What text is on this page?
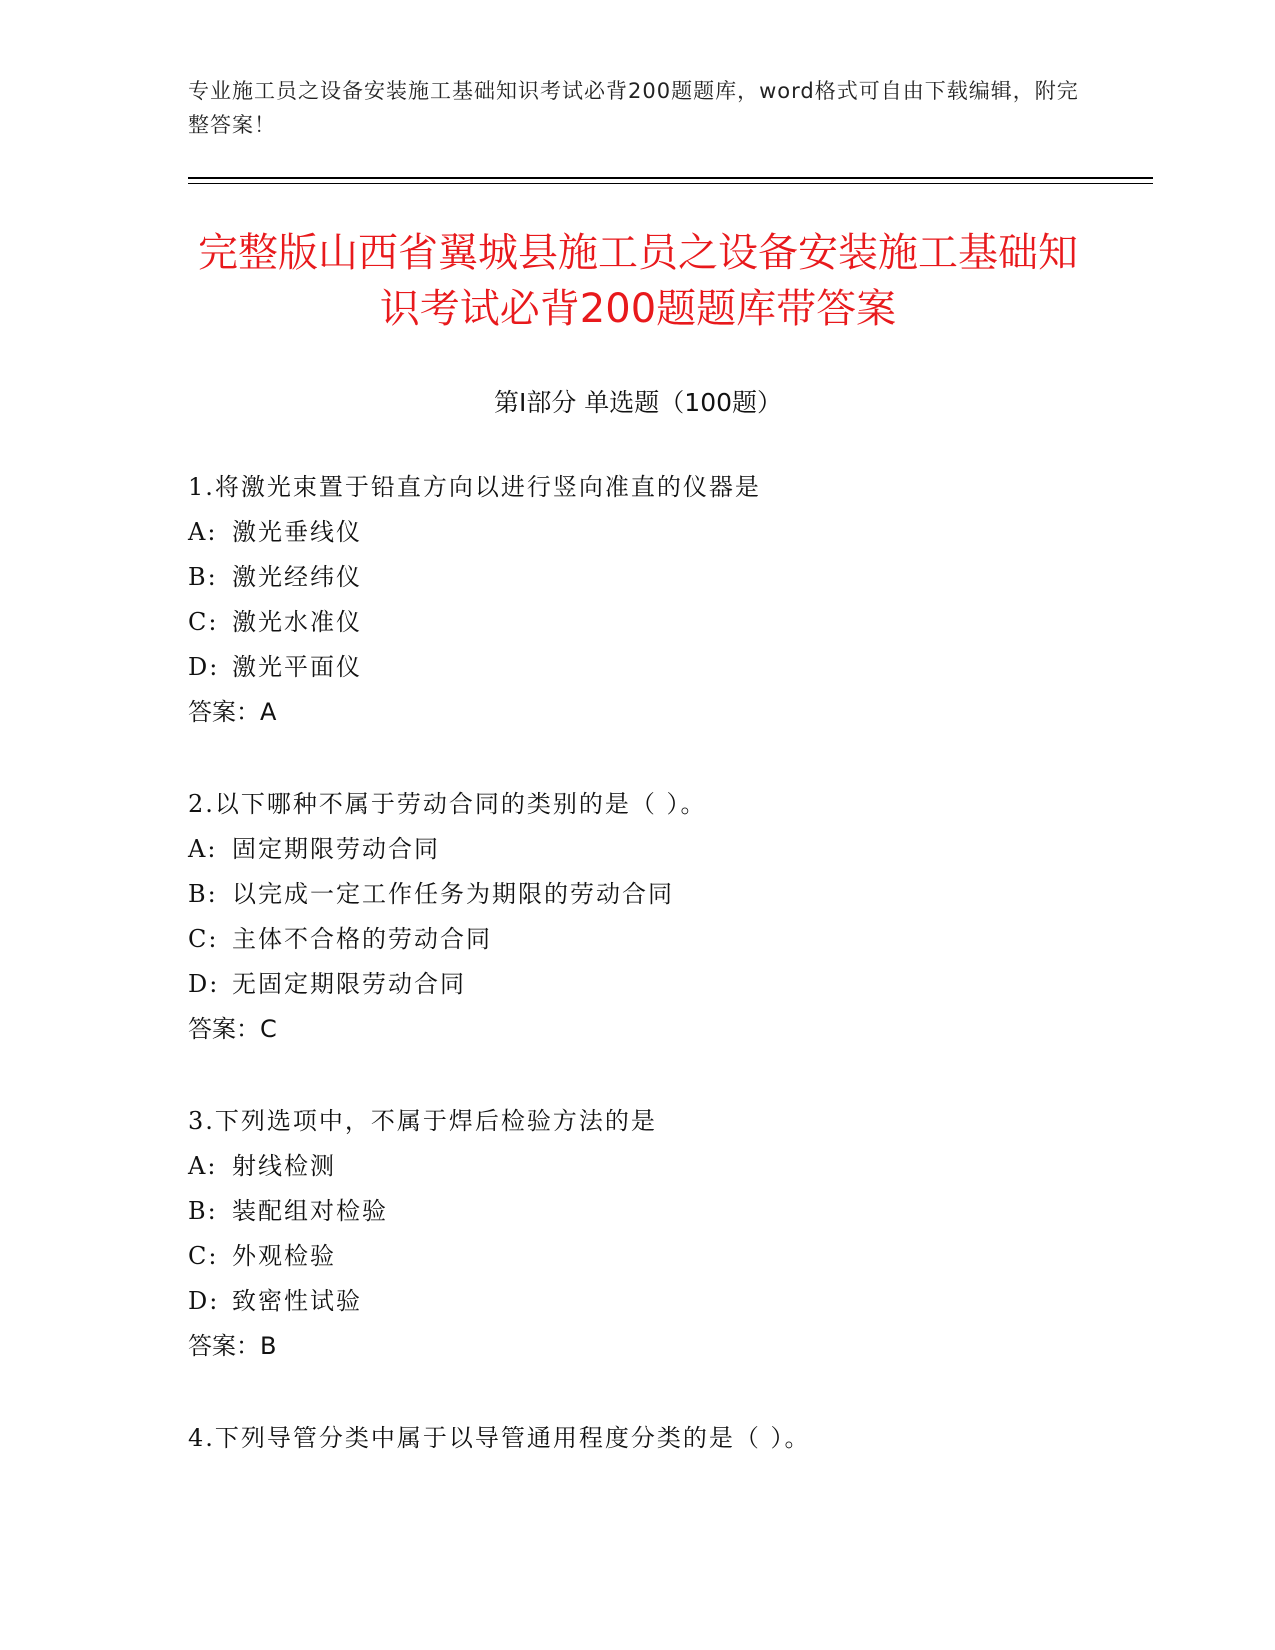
专业施工员之设备安装施工基础知识考试必背200题题库，word格式可自由下载编辑，附完整答案！
完整版山西省翼城县施工员之设备安装施工基础知识考试必背200题题库带答案
第Ⅰ部分 单选题（100题）
1.将激光束置于铅直方向以进行竖向准直的仪器是
A: 激光垂线仪
B: 激光经纬仪
C: 激光水准仪
D: 激光平面仪
答案：A
2.以下哪种不属于劳动合同的类别的是（ ）。
A: 固定期限劳动合同
B: 以完成一定工作任务为期限的劳动合同
C: 主体不合格的劳动合同
D: 无固定期限劳动合同
答案：C
3.下列选项中，不属于焊后检验方法的是
A: 射线检测
B: 装配组对检验
C: 外观检验
D: 致密性试验
答案：B
4.下列导管分类中属于以导管通用程度分类的是（ ）。
